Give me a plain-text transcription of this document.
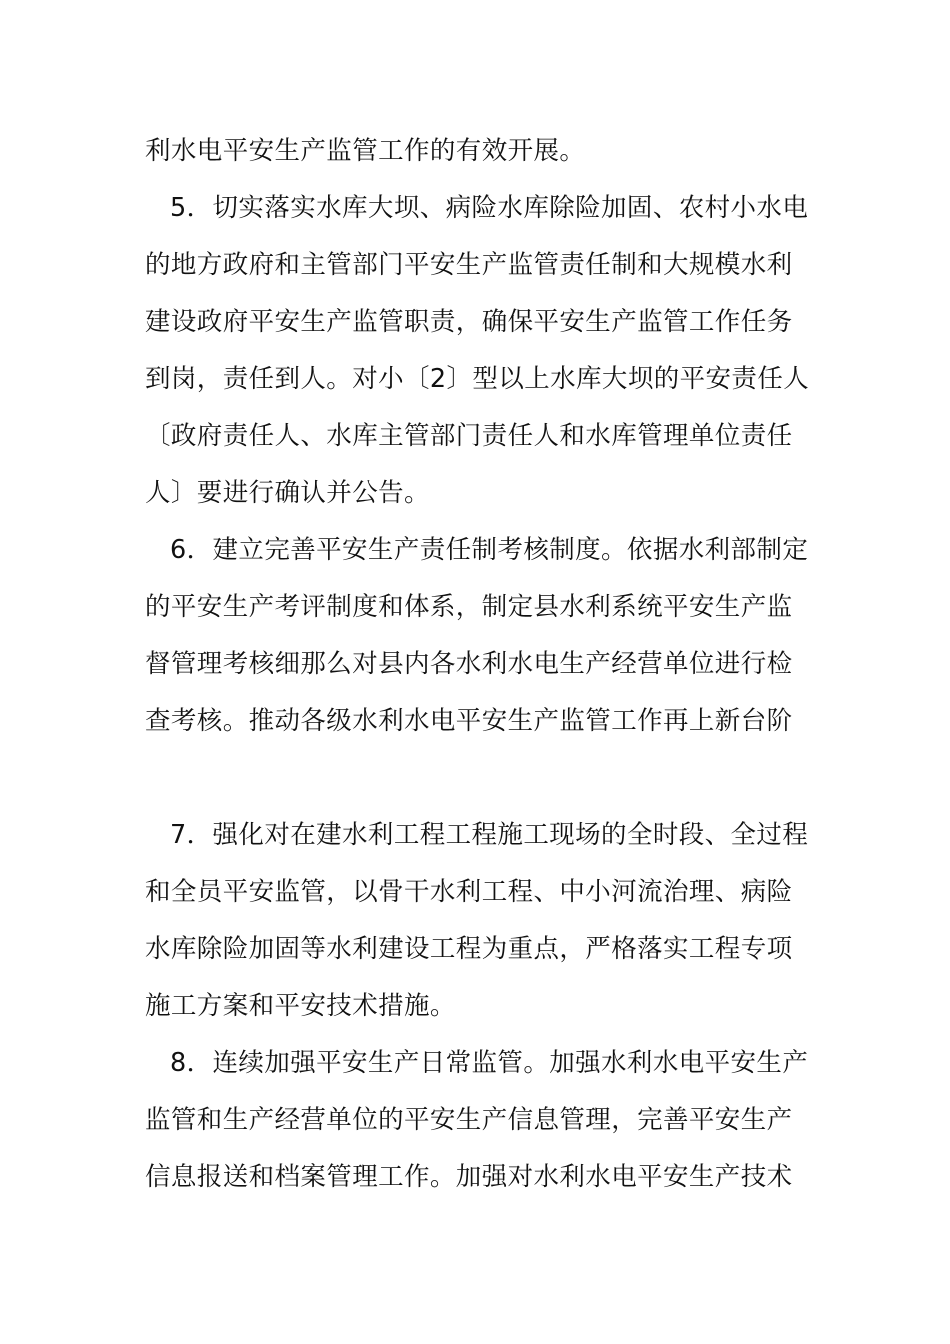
利水电平安生产监管工作的有效开展。
5．切实落实水库大坝、病险水库除险加固、农村小水电
的地方政府和主管部门平安生产监管责任制和大规模水利
建设政府平安生产监管职责，确保平安生产监管工作任务
到岗，责任到人。对小〔2〕型以上水库大坝的平安责任人
〔政府责任人、水库主管部门责任人和水库管理单位责任
人〕要进行确认并公告。
6．建立完善平安生产责任制考核制度。依据水利部制定
的平安生产考评制度和体系，制定县水利系统平安生产监
督管理考核细那么对县内各水利水电生产经营单位进行检
查考核。推动各级水利水电平安生产监管工作再上新台阶
7．强化对在建水利工程工程施工现场的全时段、全过程
和全员平安监管，以骨干水利工程、中小河流治理、病险
水库除险加固等水利建设工程为重点，严格落实工程专项
施工方案和平安技术措施。
8．连续加强平安生产日常监管。加强水利水电平安生产
监管和生产经营单位的平安生产信息管理，完善平安生产
信息报送和档案管理工作。加强对水利水电平安生产技术
